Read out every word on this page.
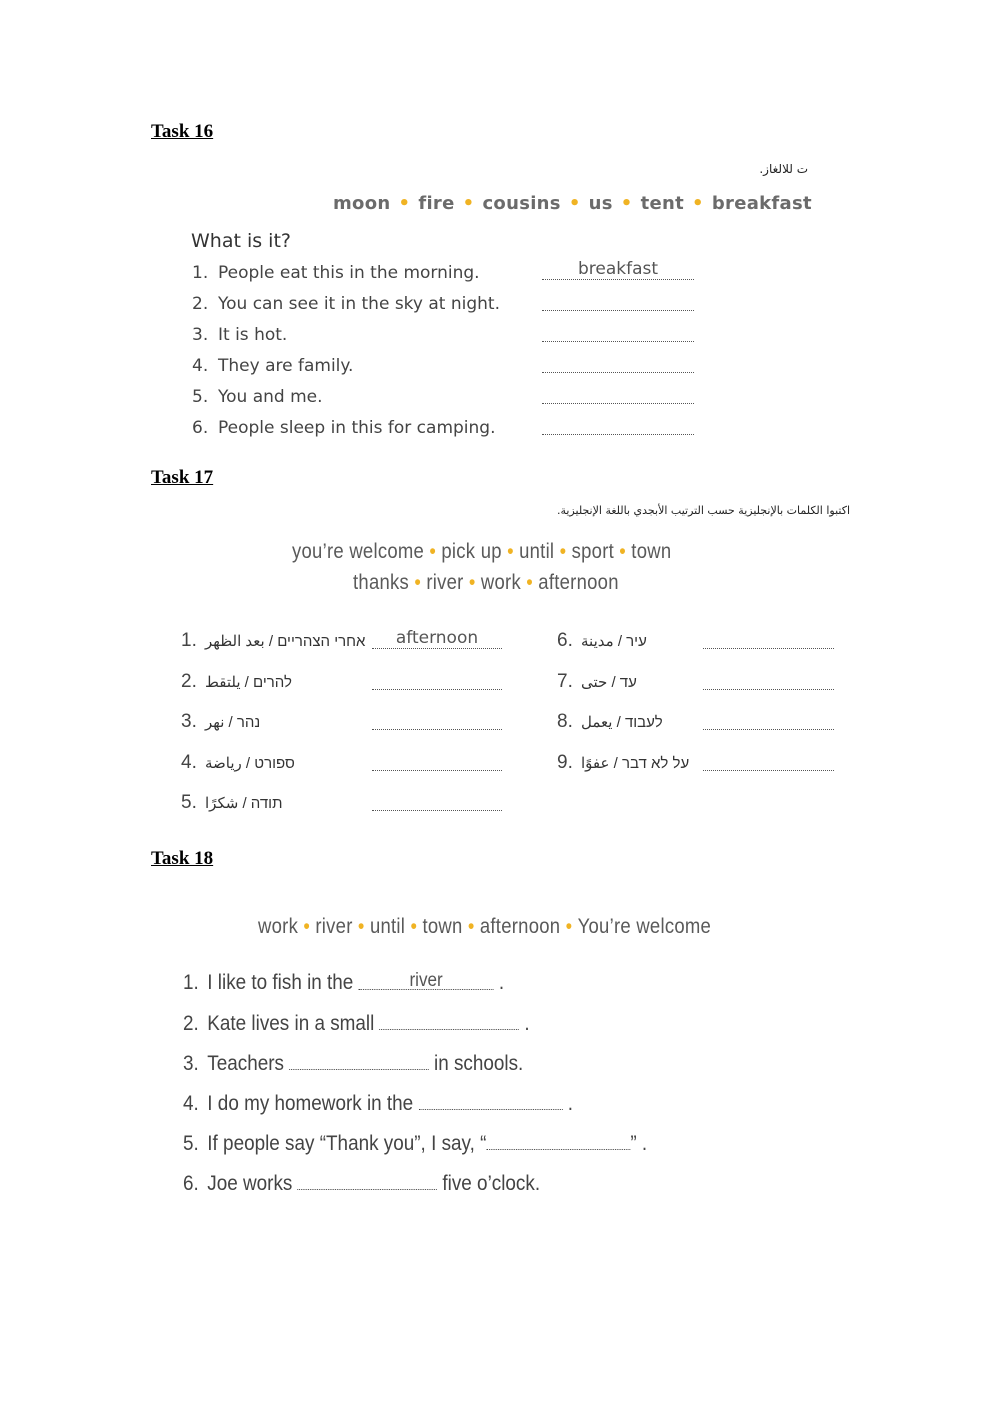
Task 16
ت للالغاز.
moon • fire • cousins • us • tent • breakfast
What is it?
1. People eat this in the morning.	breakfast
2. You can see it in the sky at night.
3. It is hot.
4. They are family.
5. You and me.
6. People sleep in this for camping.
Task 17
اكتبوا الكلمات بالإنجليزية حسب الترتيب الأبجدي باللغة الإنجليزية.
you’re welcome • pick up • until • sport • town
thanks • river • work • afternoon
1. אחרי הצהריים / بعد الظهر	afternoon
2. להרים / يلتقط
3. נהר / نهر
4. ספורט / رياضة
5. תודה / شكرًا
6. עיר / مدينة
7. עד / حتى
8. לעבוד / يعمل
9. על לא דבר / عفوًا
Task 18
work • river • until • town • afternoon • You’re welcome
1. I like to fish in the	river	.
2. Kate lives in a small	.
3. Teachers	in schools.
4. I do my homework in the	.
5. If people say “Thank you”, I say, “	” .
6. Joe works	five o’clock.
